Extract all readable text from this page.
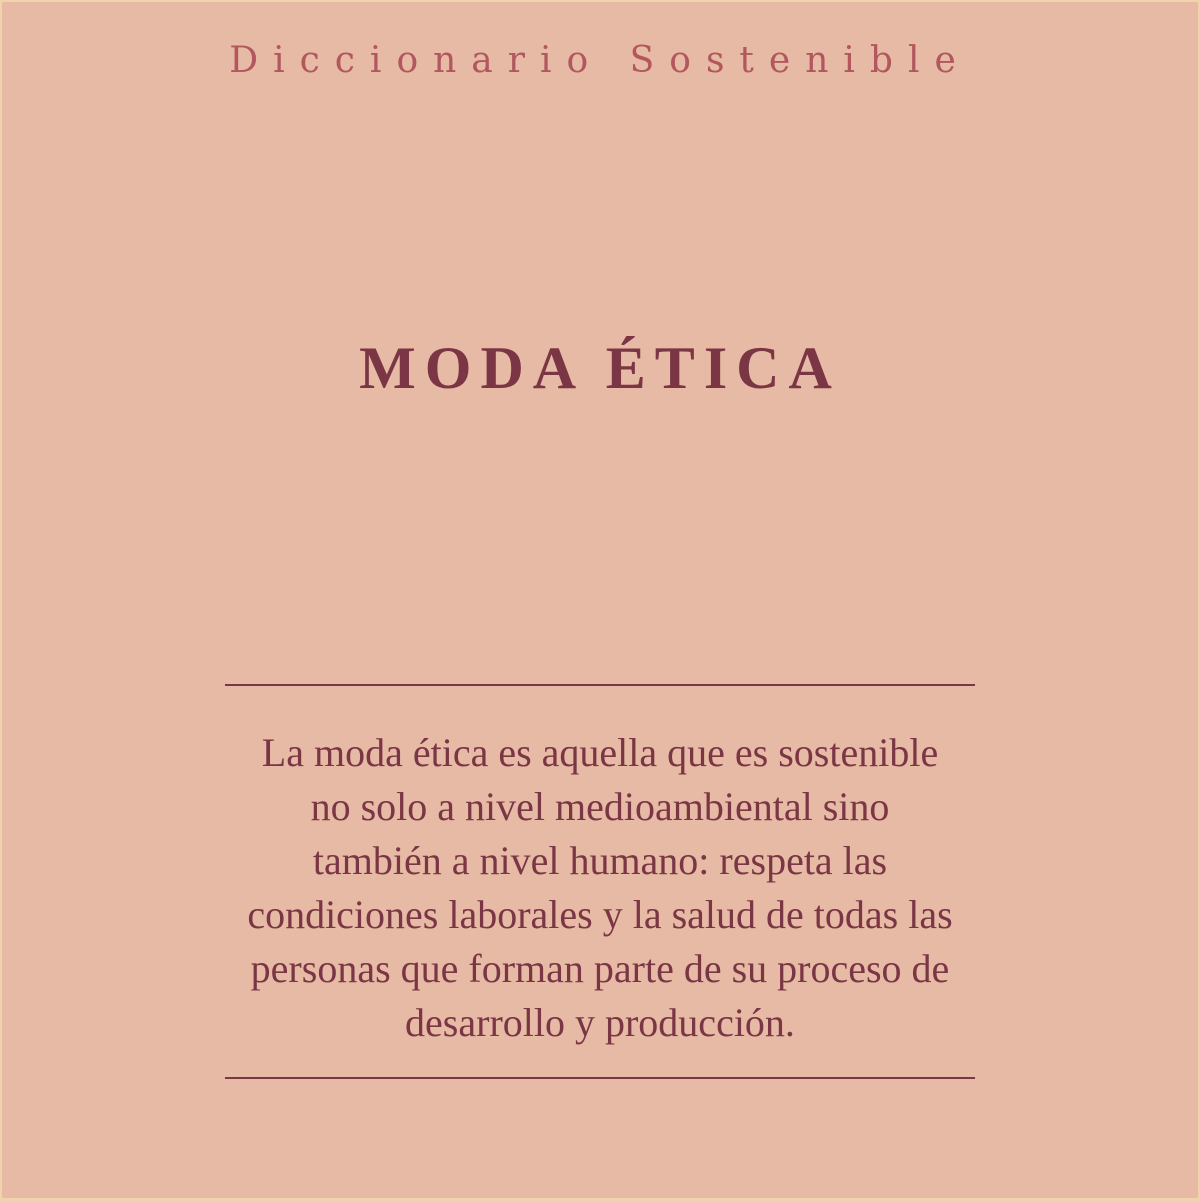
Diccionario Sostenible
MODA ÉTICA

La moda ética es aquella que es sostenible
no solo a nivel medioambiental sino
también a nivel humano: respeta las
condiciones laborales y la salud de todas las
personas que forman parte de su proceso de
desarrollo y producción.
